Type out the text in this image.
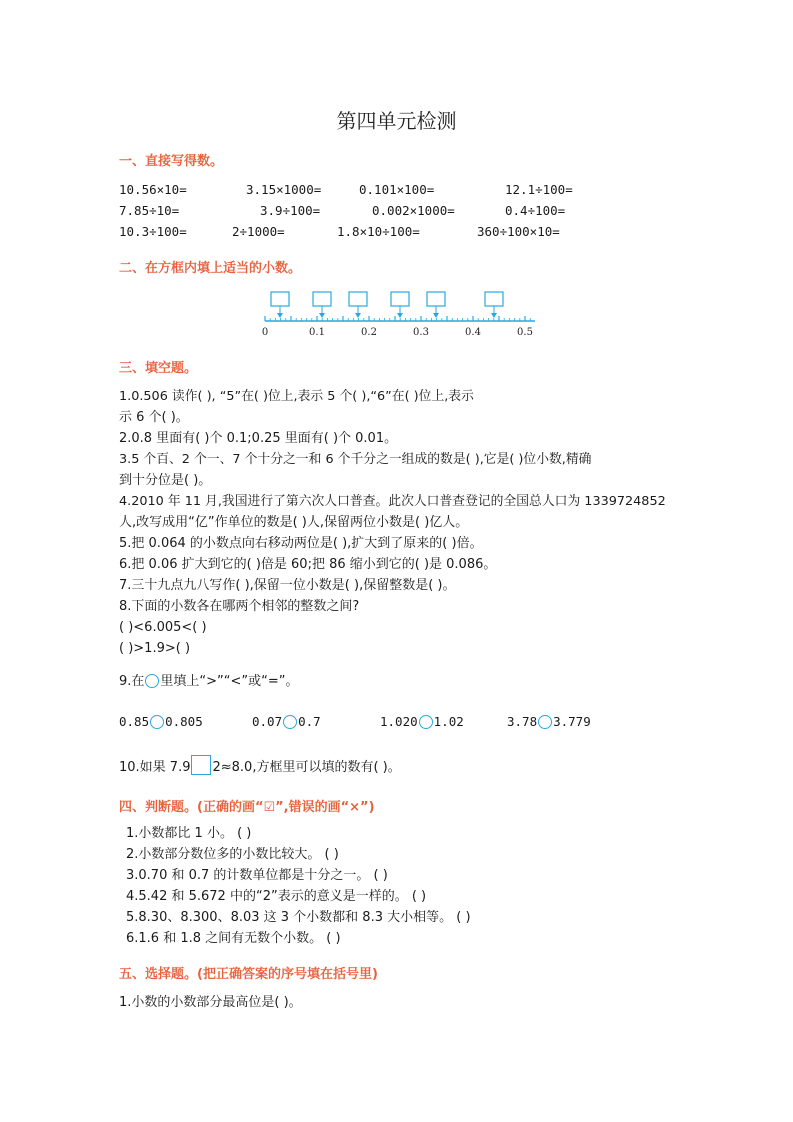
第四单元检测
一、直接写得数。
10.56×10=	3.15×1000=	0.101×100=	12.1÷100=
7.85÷10=	3.9÷100=	0.002×1000=	0.4÷100=
10.3÷100=	2÷1000=	1.8×10÷100=	360÷100×10=
二、在方框内填上适当的小数。
0	0.1	0.2	0.3	0.4	0.5
三、填空题。
1.0.506 读作( ), “5”在( )位上,表示 5 个( ),“6”在( )位上,表示
示 6 个( )。
2.0.8 里面有( )个 0.1;0.25 里面有( )个 0.01。
3.5 个百、2 个一、7 个十分之一和 6 个千分之一组成的数是( ),它是( )位小数,精确
到十分位是( )。
4.2010 年 11 月,我国进行了第六次人口普查。此次人口普查登记的全国总人口为 1339724852
人,改写成用“亿”作单位的数是( )人,保留两位小数是( )亿人。
5.把 0.064 的小数点向右移动两位是( ),扩大到了原来的( )倍。
6.把 0.06 扩大到它的( )倍是 60;把 86 缩小到它的( )是 0.086。
7.三十九点九八写作( ),保留一位小数是( ),保留整数是( )。
8.下面的小数各在哪两个相邻的整数之间?
( )<6.005<( )
( )>1.9>( )
9.在 里填上“>”“<”或“=”。
0.85 0.805	0.07 0.7	1.020 1.02	3.78 3.779
10.如果 7.9 2≈8.0,方框里可以填的数有( )。
四、判断题。(正确的画“☑”,错误的画“×”)
1.小数都比 1 小。 ( )
2.小数部分数位多的小数比较大。 ( )
3.0.70 和 0.7 的计数单位都是十分之一。 ( )
4.5.42 和 5.672 中的“2”表示的意义是一样的。 ( )
5.8.30、8.300、8.03 这 3 个小数都和 8.3 大小相等。 ( )
6.1.6 和 1.8 之间有无数个小数。 ( )
五、选择题。(把正确答案的序号填在括号里)
1.小数的小数部分最高位是( )。
